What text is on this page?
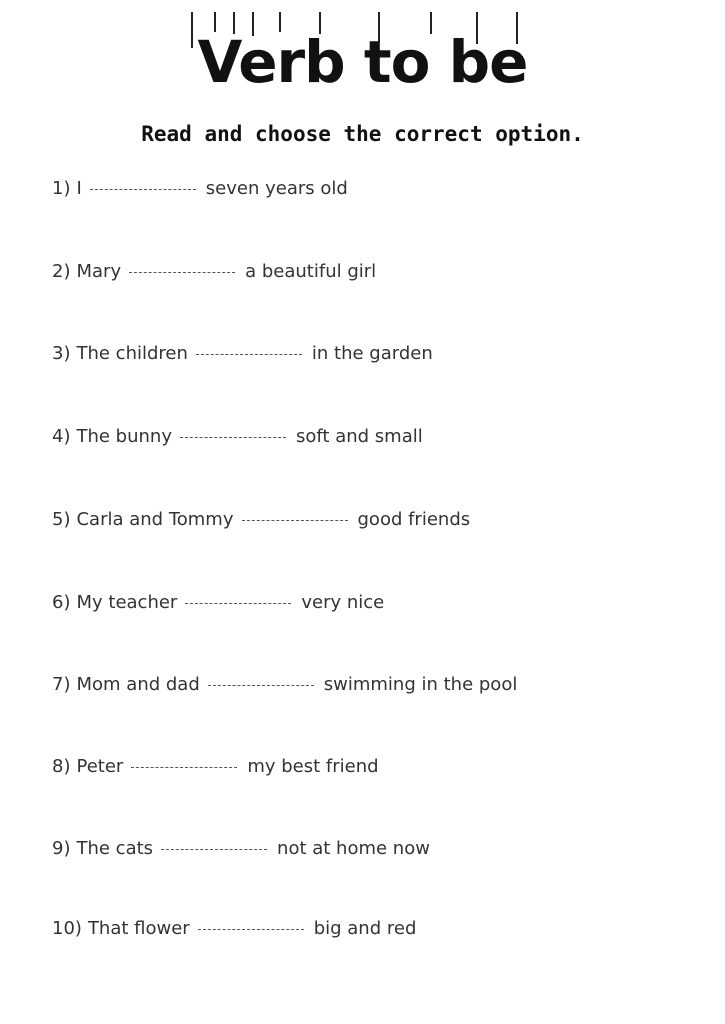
Verb to be
Read and choose the correct option.
1) I	seven years old
2) Mary	a beautiful girl
3) The children	in the garden
4) The bunny	soft and small
5) Carla and Tommy	good friends
6) My teacher	very nice
7) Mom and dad	swimming in the pool
8) Peter	my best friend
9) The cats	not at home now
10) That flower	big and red
